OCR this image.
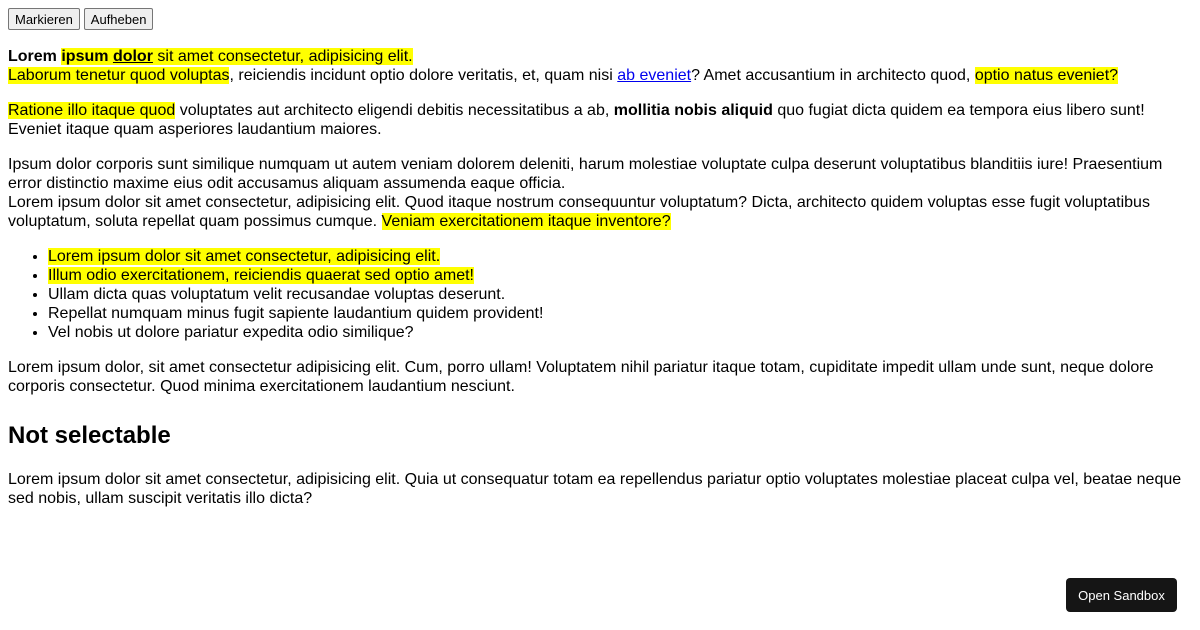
Markieren	Aufheben

Lorem ipsum dolor sit amet consectetur, adipisicing elit.
Laborum tenetur quod voluptas, reiciendis incidunt optio dolore veritatis, et, quam nisi ab eveniet? Amet accusantium in architecto quod, optio natus eveniet?

Ratione illo itaque quod voluptates aut architecto eligendi debitis necessitatibus a ab, mollitia nobis aliquid quo fugiat dicta quidem ea tempora eius libero sunt! Eveniet itaque quam asperiores laudantium maiores.

Ipsum dolor corporis sunt similique numquam ut autem veniam dolorem deleniti, harum molestiae voluptate culpa deserunt voluptatibus blanditiis iure! Praesentium error distinctio maxime eius odit accusamus aliquam assumenda eaque officia.
Lorem ipsum dolor sit amet consectetur, adipisicing elit. Quod itaque nostrum consequuntur voluptatum? Dicta, architecto quidem voluptas esse fugit voluptatibus voluptatum, soluta repellat quam possimus cumque. Veniam exercitationem itaque inventore?

• Lorem ipsum dolor sit amet consectetur, adipisicing elit.
• Illum odio exercitationem, reiciendis quaerat sed optio amet!
• Ullam dicta quas voluptatum velit recusandae voluptas deserunt.
• Repellat numquam minus fugit sapiente laudantium quidem provident!
• Vel nobis ut dolore pariatur expedita odio similique?

Lorem ipsum dolor, sit amet consectetur adipisicing elit. Cum, porro ullam! Voluptatem nihil pariatur itaque totam, cupiditate impedit ullam unde sunt, neque dolore corporis consectetur. Quod minima exercitationem laudantium nesciunt.

Not selectable

Lorem ipsum dolor sit amet consectetur, adipisicing elit. Quia ut consequatur totam ea repellendus pariatur optio voluptates molestiae placeat culpa vel, beatae neque sed nobis, ullam suscipit veritatis illo dicta?

Open Sandbox
